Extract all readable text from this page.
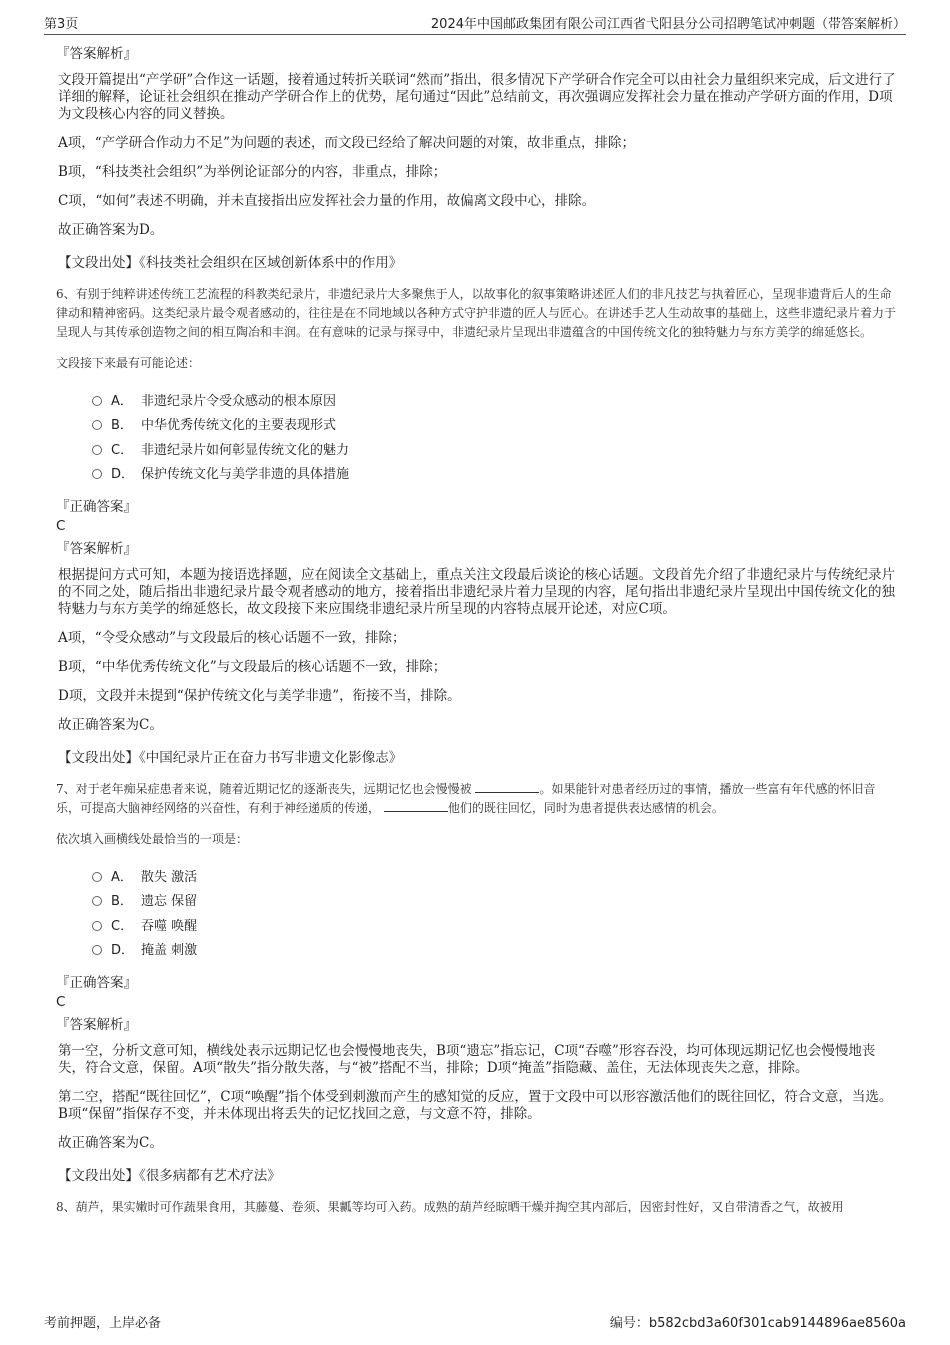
第3页	2024年中国邮政集团有限公司江西省弋阳县分公司招聘笔试冲刺题（带答案解析）
『答案解析』

文段开篇提出“产学研”合作这一话题，接着通过转折关联词“然而”指出，很多情况下产学研合作完全可以由社会力量组织来完成，后文进行了详细的解释，论证社会组织在推动产学研合作上的优势，尾句通过“因此”总结前文，再次强调应发挥社会力量在推动产学研方面的作用，D项为文段核心内容的同义替换。

A项，“产学研合作动力不足”为问题的表述，而文段已经给了解决问题的对策，故非重点，排除；

B项，“科技类社会组织”为举例论证部分的内容，非重点，排除；

C项，“如何”表述不明确，并未直接指出应发挥社会力量的作用，故偏离文段中心，排除。

故正确答案为D。

【文段出处】《科技类社会组织在区域创新体系中的作用》
6、有别于纯粹讲述传统工艺流程的科教类纪录片，非遗纪录片大多聚焦于人，以故事化的叙事策略讲述匠人们的非凡技艺与执着匠心，呈现非遗背后人的生命律动和精神密码。这类纪录片最令观者感动的，往往是在不同地域以各种方式守护非遗的匠人与匠心。在讲述手艺人生动故事的基础上，这些非遗纪录片着力于呈现人与其传承创造物之间的相互陶冶和丰润。在有意味的记录与探寻中，非遗纪录片呈现出非遗蕴含的中国传统文化的独特魅力与东方美学的绵延悠长。
文段接下来最有可能论述：
A． 非遗纪录片令受众感动的根本原因
B． 中华优秀传统文化的主要表现形式
C． 非遗纪录片如何彰显传统文化的魅力
D． 保护传统文化与美学非遗的具体措施
『正确答案』
C
『答案解析』

根据提问方式可知，本题为接语选择题，应在阅读全文基础上，重点关注文段最后谈论的核心话题。文段首先介绍了非遗纪录片与传统纪录片的不同之处，随后指出非遗纪录片最令观者感动的地方，接着指出非遗纪录片着力呈现的内容，尾句指出非遗纪录片呈现出中国传统文化的独特魅力与东方美学的绵延悠长，故文段接下来应围绕非遗纪录片所呈现的内容特点展开论述，对应C项。

A项，“令受众感动”与文段最后的核心话题不一致，排除；

B项，“中华优秀传统文化”与文段最后的核心话题不一致，排除；

D项，文段并未提到“保护传统文化与美学非遗”，衔接不当，排除。

故正确答案为C。

【文段出处】《中国纪录片正在奋力书写非遗文化影像志》
7、对于老年痴呆症患者来说，随着近期记忆的逐渐丧失，远期记忆也会慢慢被	。如果能针对患者经历过的事情，播放一些富有年代感的怀旧音乐，可提高大脑神经网络的兴奋性，有利于神经递质的传递，	他们的既往回忆，同时为患者提供表达感情的机会。
依次填入画横线处最恰当的一项是：
A． 散失 激活
B． 遗忘 保留
C． 吞噬 唤醒
D． 掩盖 刺激
『正确答案』
C
『答案解析』

第一空，分析文意可知，横线处表示远期记忆也会慢慢地丧失，B项“遗忘”指忘记，C项“吞噬”形容吞没，均可体现远期记忆也会慢慢地丧失，符合文意，保留。A项“散失”指分散失落，与“被”搭配不当，排除；D项“掩盖”指隐藏、盖住，无法体现丧失之意，排除。

第二空，搭配“既往回忆”，C项“唤醒”指个体受到刺激而产生的感知觉的反应，置于文段中可以形容激活他们的既往回忆，符合文意，当选。B项“保留”指保存不变，并未体现出将丢失的记忆找回之意，与文意不符，排除。

故正确答案为C。

【文段出处】《很多病都有艺术疗法》
8、葫芦，果实嫩时可作蔬果食用，其藤蔓、卷须、果瓤等均可入药。成熟的葫芦经晾晒干燥并掏空其内部后，因密封性好，又自带清香之气，故被用
考前押题，上岸必备	编号：b582cbd3a60f301cab9144896ae8560a
